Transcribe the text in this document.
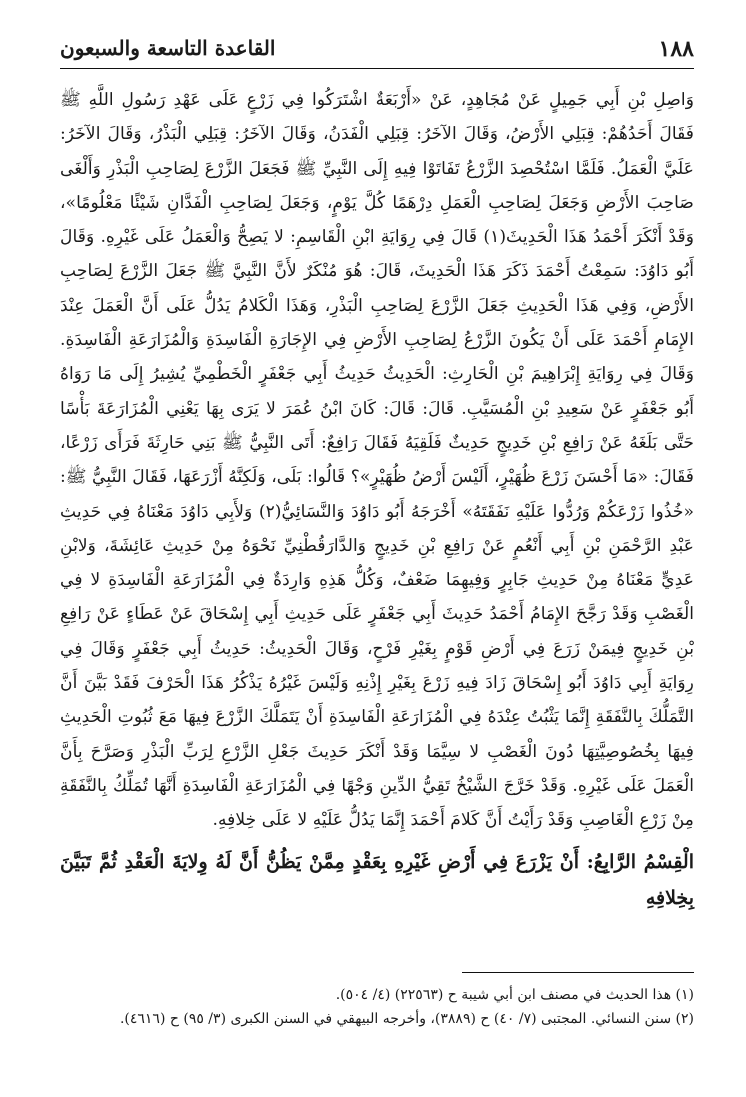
١٨٨
القاعدة التاسعة والسبعون

وَاصِلِ بْنِ أَبِي جَمِيلٍ عَنْ مُجَاهِدٍ، عَنْ «أَرْبَعَةٌ اشْتَرَكُوا فِي زَرْعٍ عَلَى عَهْدِ رَسُولِ اللَّهِ ﷺ فَقَالَ أَحَدُهُمْ: قِبَلِي الأَرْضُ، وَقَالَ الآخَرُ: قِبَلِي الْفَدَنُ، وَقَالَ الآخَرُ: قِبَلِي الْبَذْرُ، وَقَالَ الآخَرُ: عَلَيَّ الْعَمَلُ. فَلَمَّا اسْتُحْصِدَ الزَّرْعُ تَفَاتَوْا فِيهِ إِلَى النَّبِيِّ ﷺ فَجَعَلَ الزَّرْعَ لِصَاحِبِ الْبَذْرِ وَأَلْغَى صَاحِبَ الأَرْضِ وَجَعَلَ لِصَاحِبِ الْعَمَلِ دِرْهَمًا كُلَّ يَوْمٍ، وَجَعَلَ لِصَاحِبِ الْفَدَّانِ شَيْئًا مَعْلُومًا»، وَقَدْ أَنْكَرَ أَحْمَدُ هَذَا الْحَدِيثَ(١) قَالَ فِي رِوَايَةِ ابْنِ الْقَاسِمِ: لا يَصِحُّ وَالْعَمَلُ عَلَى غَيْرِهِ. وَقَالَ أَبُو دَاوُدَ: سَمِعْتُ أَحْمَدَ ذَكَرَ هَذَا الْحَدِيثَ، قَالَ: هُوَ مُنْكَرٌ لأَنَّ النَّبِيَّ ﷺ جَعَلَ الزَّرْعَ لِصَاحِبِ الأَرْضِ، وَفِي هَذَا الْحَدِيثِ جَعَلَ الزَّرْعَ لِصَاحِبِ الْبَذْرِ، وَهَذَا الْكَلامُ يَدُلُّ عَلَى أَنَّ الْعَمَلَ عِنْدَ الإِمَامِ أَحْمَدَ عَلَى أَنْ يَكُونَ الزَّرْعُ لِصَاحِبِ الأَرْضِ فِي الإِجَارَةِ الْفَاسِدَةِ وَالْمُزَارَعَةِ الْفَاسِدَةِ. وَقَالَ فِي رِوَايَةِ إِبْرَاهِيمَ بْنِ الْحَارِثِ: الْحَدِيثُ حَدِيثُ أَبِي جَعْفَرٍ الْخَطْمِيِّ يُشِيرُ إِلَى مَا رَوَاهُ أَبُو جَعْفَرٍ عَنْ سَعِيدِ بْنِ الْمُسَيَّبِ. قَالَ: قَالَ: كَانَ ابْنُ عُمَرَ لا يَرَى بِهَا يَعْنِي الْمُزَارَعَةَ بَأْسًا حَتَّى بَلَغَهُ عَنْ رَافِعِ بْنِ خَدِيجٍ حَدِيثٌ فَلَقِيَهُ فَقَالَ رَافِعٌ: أَتَى النَّبِيُّ ﷺ بَنِي حَارِثَةَ فَرَأَى زَرْعًا، فَقَالَ: «مَا أَحْسَنَ زَرْعَ ظُهَيْرٍ، أَلَيْسَ أَرْضُ ظُهَيْرٍ»؟ قَالُوا: بَلَى، وَلَكِنَّهُ أَزْرَعَهَا، فَقَالَ النَّبِيُّ ﷺ: «خُذُوا زَرْعَكُمْ وَرُدُّوا عَلَيْهِ نَفَقَتَهُ» أَخْرَجَهُ أَبُو دَاوُدَ وَالنَّسَائِيُّ(٢) وَلأَبِي دَاوُدَ مَعْنَاهُ فِي حَدِيثِ عَبْدِ الرَّحْمَنِ بْنِ أَبِي أَنْعُمٍ عَنْ رَافِعِ بْنِ خَدِيجٍ وَالدَّارَقُطْنِيِّ نَحْوَهُ مِنْ حَدِيثِ عَائِشَةَ، وَلابْنِ عَدِيٍّ مَعْنَاهُ مِنْ حَدِيثِ جَابِرٍ وَفِيهِمَا ضَعْفٌ، وَكُلُّ هَذِهِ وَارِدَةٌ فِي الْمُزَارَعَةِ الْفَاسِدَةِ لا فِي الْغَصْبِ وَقَدْ رَجَّحَ الإِمَامُ أَحْمَدُ حَدِيثَ أَبِي جَعْفَرٍ عَلَى حَدِيثِ أَبِي إِسْحَاقَ عَنْ عَطَاءٍ عَنْ رَافِعِ بْنِ خَدِيجٍ فِيمَنْ زَرَعَ فِي أَرْضِ قَوْمٍ بِغَيْرِ فَرْحٍ، وَقَالَ الْحَدِيثُ: حَدِيثُ أَبِي جَعْفَرٍ وَقَالَ فِي رِوَايَةِ أَبِي دَاوُدَ أَبُو إِسْحَاقَ زَادَ فِيهِ زَرْعَ بِغَيْرِ إِذْنِهِ وَلَيْسَ غَيْرُهُ يَذْكُرُ هَذَا الْحَرْفَ فَقَدْ بَيَّنَ أَنَّ التَّمَلُّكَ بِالنَّفَقَةِ إِنَّمَا يَثْبُتُ عِنْدَهُ فِي الْمُزَارَعَةِ الْفَاسِدَةِ أَنْ يَتَمَلَّكَ الزَّرْعَ فِيهَا مَعَ ثُبُوتِ الْحَدِيثِ فِيهَا بِخُصُوصِيَّتِهَا دُونَ الْغَصْبِ لا سِيَّمَا وَقَدْ أَنْكَرَ حَدِيثَ جَعْلِ الزَّرْعِ لِرَبِّ الْبَذْرِ وَصَرَّحَ بِأَنَّ الْعَمَلَ عَلَى غَيْرِهِ. وَقَدْ خَرَّجَ الشَّيْخُ تَقِيُّ الدِّينِ وَجْهًا فِي الْمُزَارَعَةِ الْفَاسِدَةِ أَنَّهَا تُمَلِّكُ بِالنَّفَقَةِ مِنْ زَرْعِ الْغَاصِبِ وَقَدْ رَأَيْتُ أَنَّ كَلامَ أَحْمَدَ إِنَّمَا يَدُلُّ عَلَيْهِ لا عَلَى خِلافِهِ.

الْقِسْمُ الرَّابِعُ: أَنْ يَزْرَعَ فِي أَرْضِ غَيْرِهِ بِعَقْدٍ مِمَّنْ يَظُنُّ أَنَّ لَهُ وِلايَةَ الْعَقْدِ ثُمَّ تَبَيَّنَ بِخِلافِهِ
(١) هذا الحديث في مصنف ابن أبي شيبة ح (٢٢٥٦٣) (٤/ ٥٠٤).
(٢) سنن النسائي. المجتبى (٧/ ٤٠) ح (٣٨٨٩)، وأخرجه البيهقي في السنن الكبرى (٣/ ٩٥) ح (٤٦١٦).
